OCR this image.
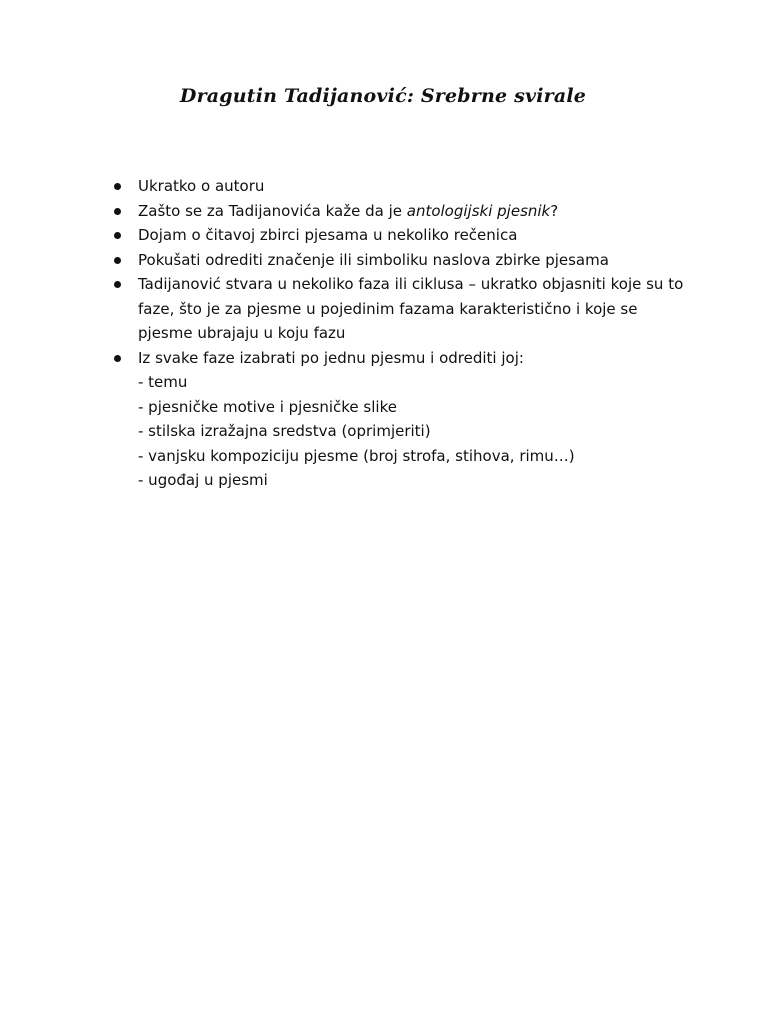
Dragutin Tadijanović: Srebrne svirale
Ukratko o autoru
Zašto se za Tadijanovića kaže da je antologijski pjesnik?
Dojam o čitavoj zbirci pjesama u nekoliko rečenica
Pokušati odrediti značenje ili simboliku naslova zbirke pjesama
Tadijanović stvara u nekoliko faza ili ciklusa – ukratko objasniti koje su to
faze, što je za pjesme u pojedinim fazama karakteristično i koje se
pjesme ubrajaju u koju fazu
Iz svake faze izabrati po jednu pjesmu i odrediti joj:
- temu
- pjesničke motive i pjesničke slike
- stilska izražajna sredstva (oprimjeriti)
- vanjsku kompoziciju pjesme (broj strofa, stihova, rimu…)
- ugođaj u pjesmi
